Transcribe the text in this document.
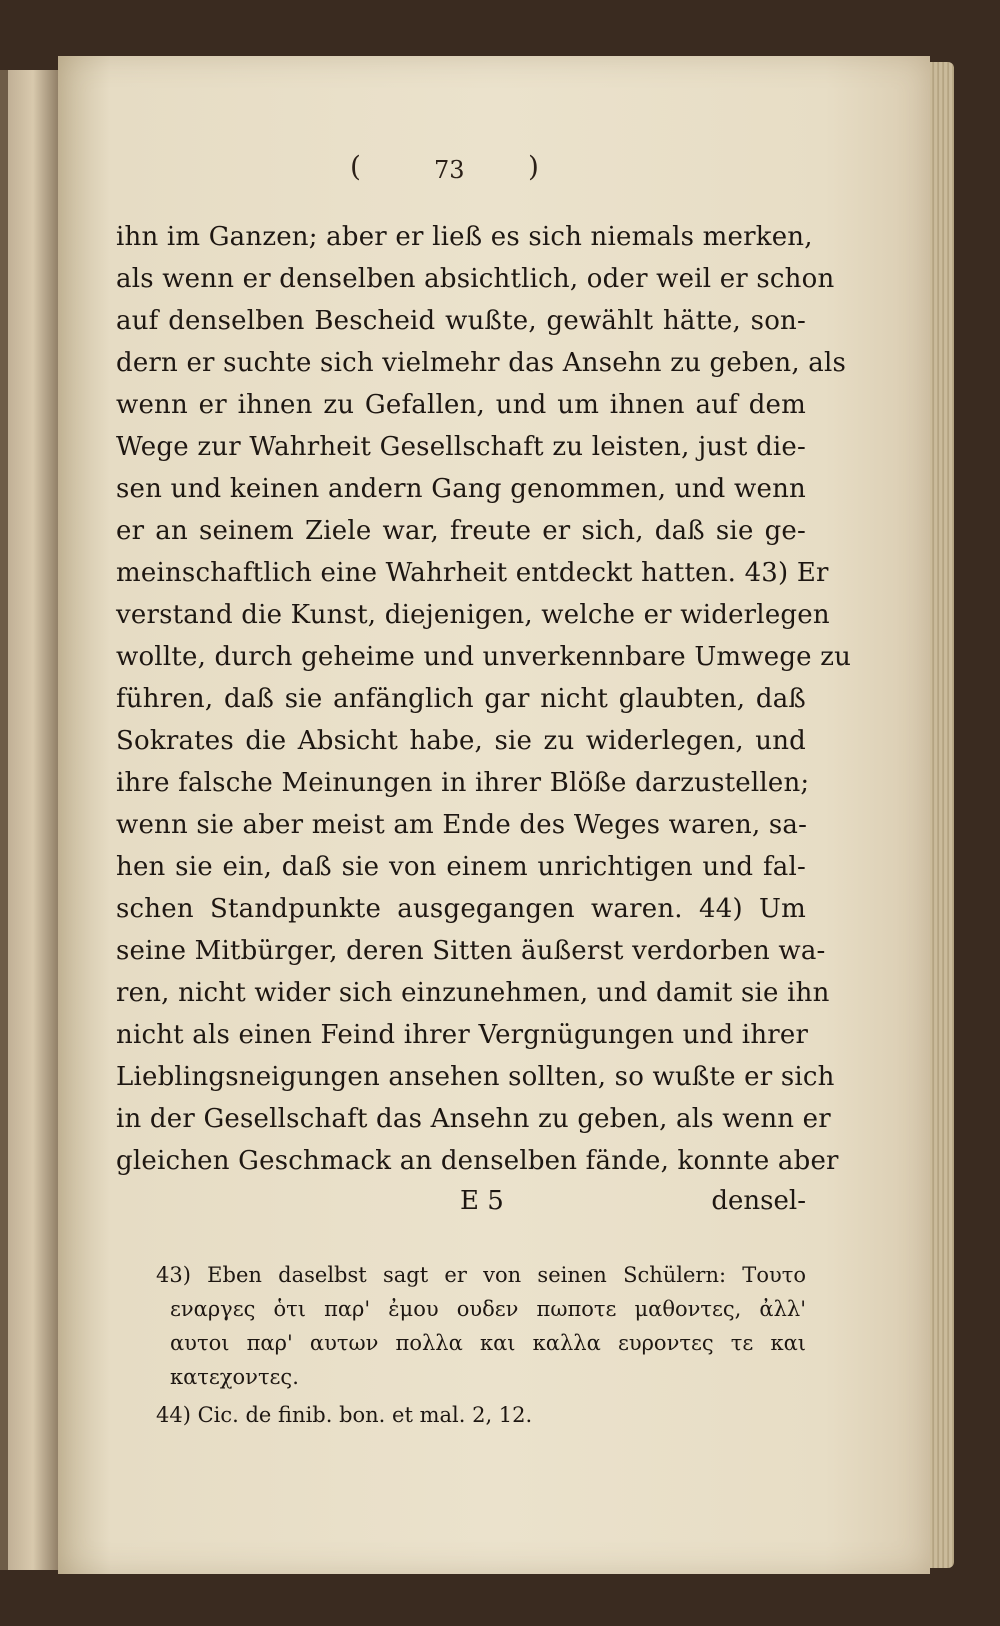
(	73 )
ihn im Ganzen; aber er ließ es sich niemals merken,
als wenn er denselben absichtlich, oder weil er schon
auf denselben Bescheid wußte, gewählt hätte, son-
dern er suchte sich vielmehr das Ansehn zu geben, als
wenn er ihnen zu Gefallen, und um ihnen auf dem
Wege zur Wahrheit Gesellschaft zu leisten, just die-
sen und keinen andern Gang genommen, und wenn
er an seinem Ziele war, freute er sich, daß sie ge-
meinschaftlich eine Wahrheit entdeckt hatten. 43) Er
verstand die Kunst, diejenigen, welche er widerlegen
wollte, durch geheime und unverkennbare Umwege zu
führen, daß sie anfänglich gar nicht glaubten, daß
Sokrates die Absicht habe, sie zu widerlegen, und
ihre falsche Meinungen in ihrer Blöße darzustellen;
wenn sie aber meist am Ende des Weges waren, sa-
hen sie ein, daß sie von einem unrichtigen und fal-
schen Standpunkte ausgegangen waren. 44) Um
seine Mitbürger, deren Sitten äußerst verdorben wa-
ren, nicht wider sich einzunehmen, und damit sie ihn
nicht als einen Feind ihrer Vergnügungen und ihrer
Lieblingsneigungen ansehen sollten, so wußte er sich
in der Gesellschaft das Ansehn zu geben, als wenn er
gleichen Geschmack an denselben fände, konnte aber
E 5	densel-
43) Eben daselbst sagt er von seinen Schülern: Τουτο
εναργες ὁτι παρ' ἐμου ουδεν πωποτε μαθοντες, ἀλλ'
αυτοι παρ' αυτων πολλα και καλλα ευροντες τε και
κατεχοντες.
44) Cic. de finib. bon. et mal. 2, 12.
